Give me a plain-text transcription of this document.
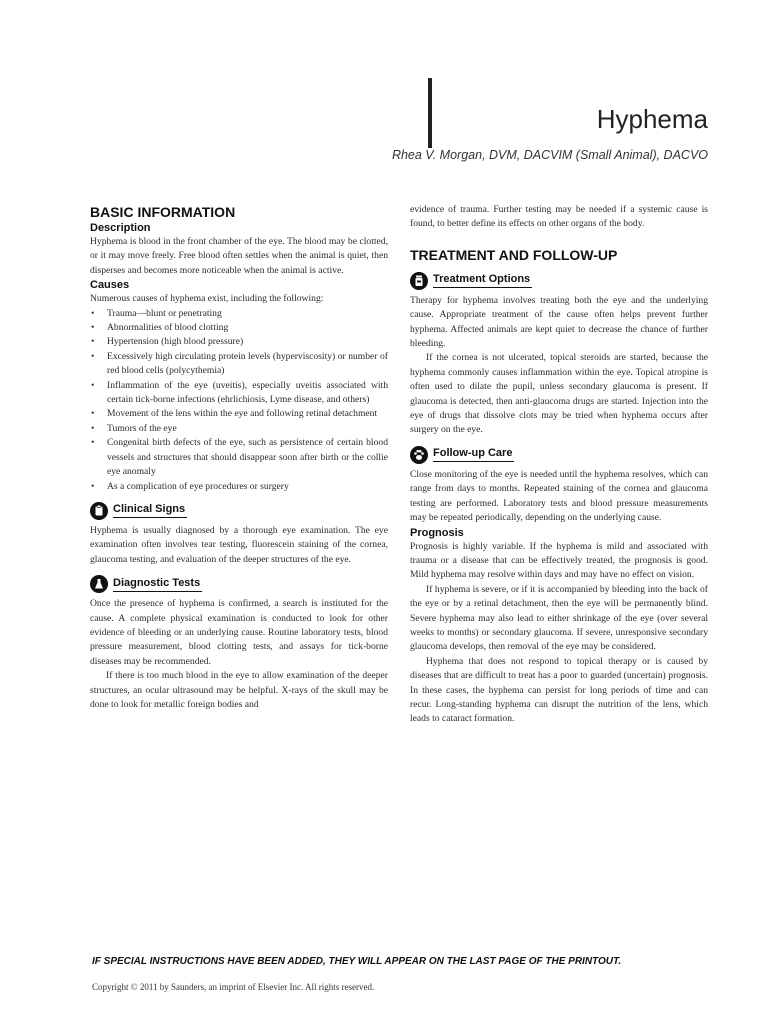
Hyphema
Rhea V. Morgan, DVM, DACVIM (Small Animal), DACVO
BASIC INFORMATION
Description

Hyphema is blood in the front chamber of the eye. The blood may be clotted, or it may move freely. Free blood often settles when the animal is quiet, then disperses and becomes more noticeable when the animal is active.

Causes

Numerous causes of hyphema exist, including the following:

• Trauma—blunt or penetrating
• Abnormalities of blood clotting
• Hypertension (high blood pressure)
• Excessively high circulating protein levels (hyperviscosity) or number of red blood cells (polycythemia)
• Inflammation of the eye (uveitis), especially uveitis associated with certain tick-borne infections (ehrlichiosis, Lyme disease, and others)
• Movement of the lens within the eye and following retinal detachment
• Tumors of the eye
• Congenital birth defects of the eye, such as persistence of certain blood vessels and structures that should disappear soon after birth or the collie eye anomaly
• As a complication of eye procedures or surgery
Clinical Signs

Hyphema is usually diagnosed by a thorough eye examination. The eye examination often involves tear testing, fluorescein staining of the cornea, glaucoma testing, and evaluation of the deeper structures of the eye.

Diagnostic Tests

Once the presence of hyphema is confirmed, a search is instituted for the cause. A complete physical examination is conducted to look for other evidence of bleeding or an underlying cause. Routine laboratory tests, blood pressure measurement, blood clotting tests, and assays for tick-borne diseases may be recommended.

If there is too much blood in the eye to allow examination of the deeper structures, an ocular ultrasound may be helpful. X-rays of the skull may be done to look for metallic foreign bodies and

evidence of trauma. Further testing may be needed if a systemic cause is found, to better define its effects on other organs of the body.

TREATMENT AND FOLLOW-UP
Treatment Options

Therapy for hyphema involves treating both the eye and the underlying cause. Appropriate treatment of the cause often helps prevent further hyphema. Affected animals are kept quiet to decrease the chance of further bleeding.

If the cornea is not ulcerated, topical steroids are started, because the hyphema commonly causes inflammation within the eye. Topical atropine is often used to dilate the pupil, unless secondary glaucoma is present. If glaucoma is detected, then anti-glaucoma drugs are started. Injection into the eye of drugs that dissolve clots may be tried when hyphema occurs after surgery on the eye.

Follow-up Care

Close monitoring of the eye is needed until the hyphema resolves, which can range from days to months. Repeated staining of the cornea and glaucoma testing are performed. Laboratory tests and blood pressure measurements may be repeated periodically, depending on the underlying cause.

Prognosis

Prognosis is highly variable. If the hyphema is mild and associated with trauma or a disease that can be effectively treated, the prognosis is good. Mild hyphema may resolve within days and may have no effect on vision.

If hyphema is severe, or if it is accompanied by bleeding into the back of the eye or by a retinal detachment, then the eye will be permanently blind. Severe hyphema may also lead to either shrinkage of the eye (over several weeks to months) or secondary glaucoma. If severe, unresponsive secondary glaucoma develops, then removal of the eye may be considered.

Hyphema that does not respond to topical therapy or is caused by diseases that are difficult to treat has a poor to guarded (uncertain) prognosis. In these cases, the hyphema can persist for long periods of time and can recur. Long-standing hyphema can disrupt the nutrition of the lens, which leads to cataract formation.

IF SPECIAL INSTRUCTIONS HAVE BEEN ADDED, THEY WILL APPEAR ON THE LAST PAGE OF THE PRINTOUT.
Copyright © 2011 by Saunders, an imprint of Elsevier Inc. All rights reserved.
